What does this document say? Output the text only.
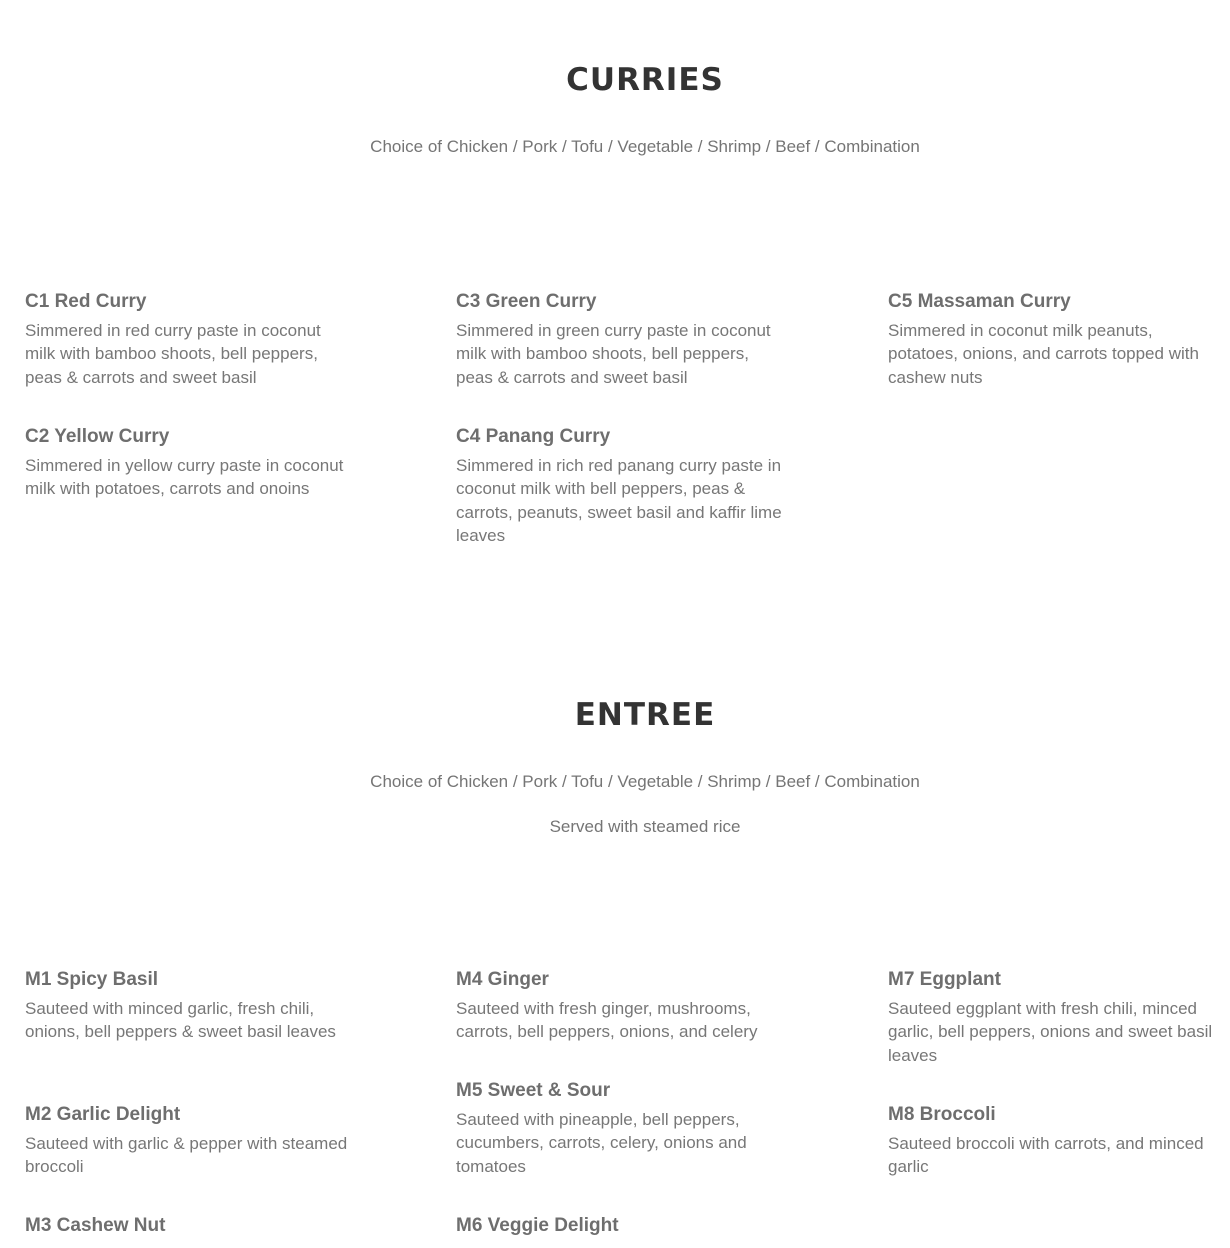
CURRIES

Choice of Chicken / Pork / Tofu / Vegetable / Shrimp / Beef / Combination

C1 Red Curry
Simmered in red curry paste in coconut milk with bamboo shoots, bell peppers, peas & carrots and sweet basil
C2 Yellow Curry
Simmered in yellow curry paste in coconut milk with potatoes, carrots and onoins
C3 Green Curry
Simmered in green curry paste in coconut milk with bamboo shoots, bell peppers, peas & carrots and sweet basil
C4 Panang Curry
Simmered in rich red panang curry paste in coconut milk with bell peppers, peas & carrots, peanuts, sweet basil and kaffir lime leaves
C5 Massaman Curry
Simmered in coconut milk peanuts, potatoes, onions, and carrots topped with cashew nuts
ENTREE

Choice of Chicken / Pork / Tofu / Vegetable / Shrimp / Beef / Combination

Served with steamed rice

M1 Spicy Basil
Sauteed with minced garlic, fresh chili, onions, bell peppers & sweet basil leaves
M2 Garlic Delight
Sauteed with garlic & pepper with steamed broccoli
M3 Cashew Nut
M4 Ginger
Sauteed with fresh ginger, mushrooms, carrots, bell peppers, onions, and celery
M5 Sweet & Sour
Sauteed with pineapple, bell peppers, cucumbers, carrots, celery, onions and tomatoes
M6 Veggie Delight
M7 Eggplant
Sauteed eggplant with fresh chili, minced garlic, bell peppers, onions and sweet basil leaves
M8 Broccoli
Sauteed broccoli with carrots, and minced garlic
